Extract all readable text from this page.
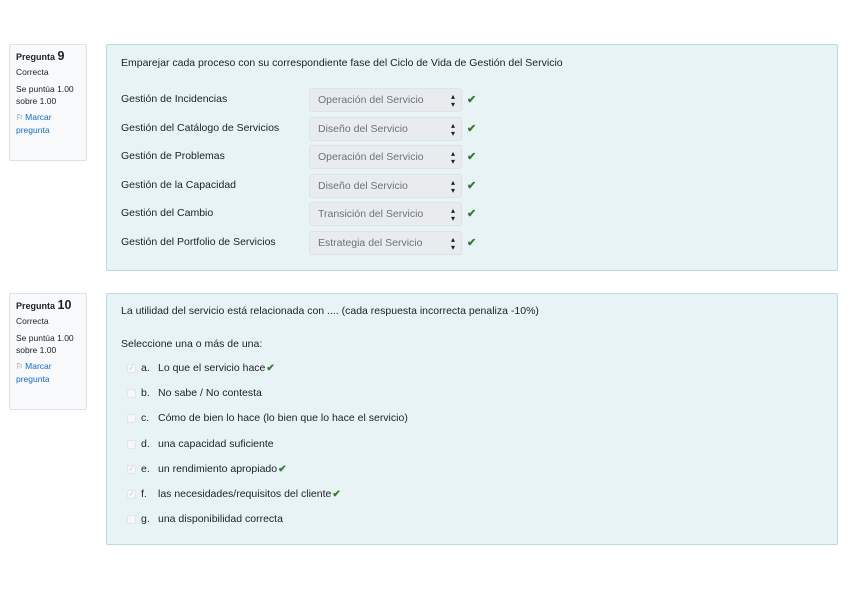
Pregunta 9
Correcta
Se puntúa 1.00
sobre 1.00
⚐ Marcar
pregunta
Emparejar cada proceso con su correspondiente fase del Ciclo de Vida de Gestión del Servicio
Gestión de Incidencias	Operación del Servicio	▴
▾ ✔
Gestión del Catálogo de Servicios	Diseño del Servicio	▴
▾ ✔
Gestión de Problemas	Operación del Servicio	▴
▾ ✔
Gestión de la Capacidad	Diseño del Servicio	▴
▾ ✔
Gestión del Cambio	Transición del Servicio	▴
▾ ✔
Gestión del Portfolio de Servicios	Estrategia del Servicio	▴
▾ ✔
Pregunta 10
Correcta
Se puntúa 1.00
sobre 1.00
⚐ Marcar
pregunta
La utilidad del servicio está relacionada con .... (cada respuesta incorrecta penaliza -10%)
Seleccione una o más de una:
✓ a. Lo que el servicio hace✔
b. No sabe / No contesta
c. Cómo de bien lo hace (lo bien que lo hace el servicio)
d. una capacidad suficiente
✓ e. un rendimiento apropiado✔
✓ f. las necesidades/requisitos del cliente✔
g. una disponibilidad correcta
